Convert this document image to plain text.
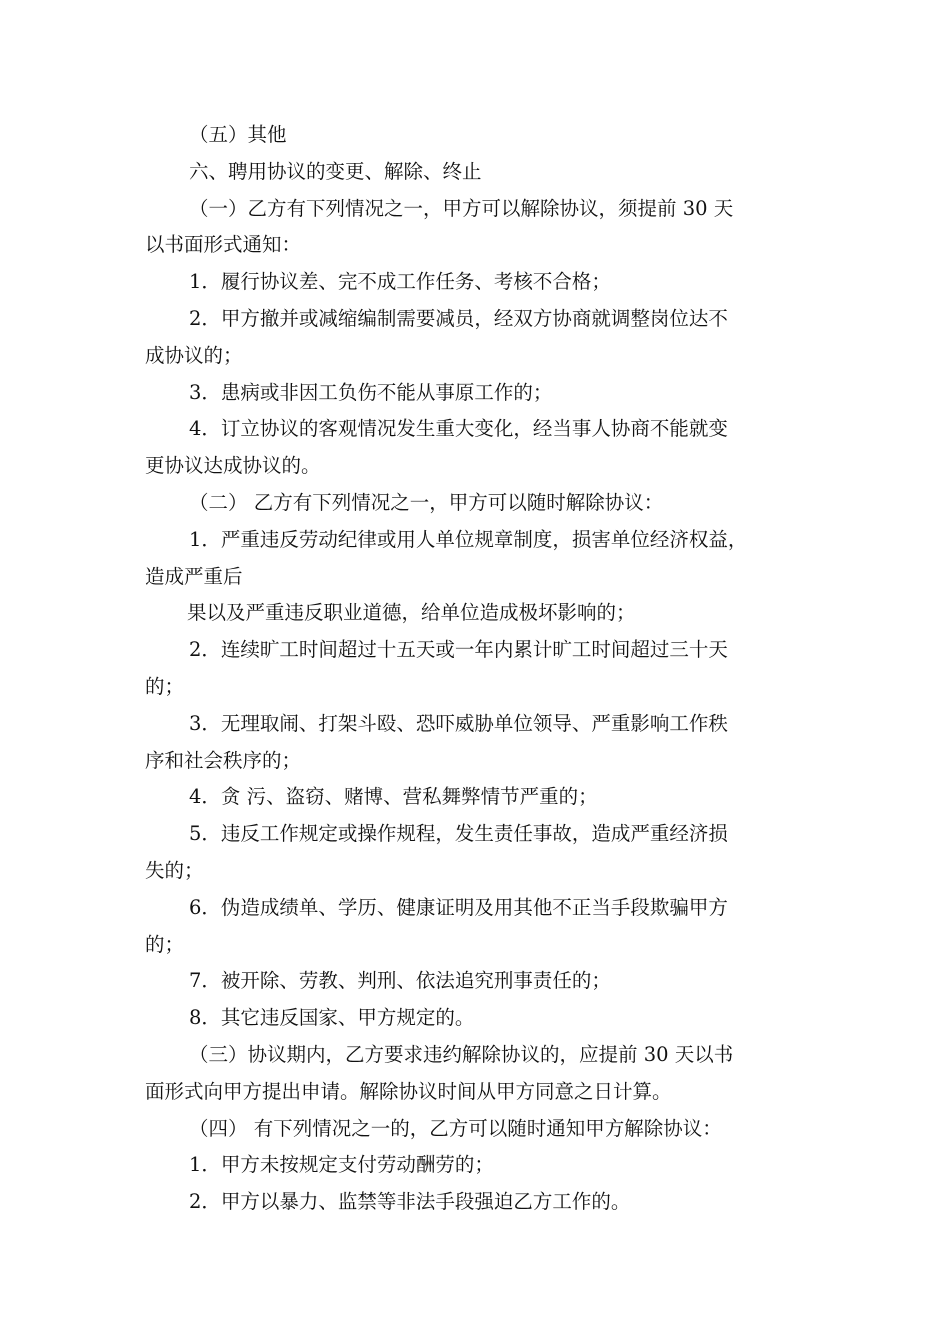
（五）其他
六、聘用协议的变更、解除、终止
（一）乙方有下列情况之一，甲方可以解除协议，须提前 30 天
以书面形式通知：
1．履行协议差、完不成工作任务、考核不合格；
2．甲方撤并或减缩编制需要减员，经双方协商就调整岗位达不
成协议的；
3．患病或非因工负伤不能从事原工作的；
4．订立协议的客观情况发生重大变化，经当事人协商不能就变
更协议达成协议的。
（二） 乙方有下列情况之一，甲方可以随时解除协议：
1．严重违反劳动纪律或用人单位规章制度，损害单位经济权益，
造成严重后
果以及严重违反职业道德，给单位造成极坏影响的；
2．连续旷工时间超过十五天或一年内累计旷工时间超过三十天
的；
3．无理取闹、打架斗殴、恐吓威胁单位领导、严重影响工作秩
序和社会秩序的；
4．贪 污、盗窃、赌博、营私舞弊情节严重的；
5．违反工作规定或操作规程，发生责任事故，造成严重经济损
失的；
6．伪造成绩单、学历、健康证明及用其他不正当手段欺骗甲方
的；
7．被开除、劳教、判刑、依法追究刑事责任的；
8．其它违反国家、甲方规定的。
（三）协议期内，乙方要求违约解除协议的，应提前 30 天以书
面形式向甲方提出申请。解除协议时间从甲方同意之日计算。
（四） 有下列情况之一的，乙方可以随时通知甲方解除协议：
1．甲方未按规定支付劳动酬劳的；
2．甲方以暴力、监禁等非法手段强迫乙方工作的。
